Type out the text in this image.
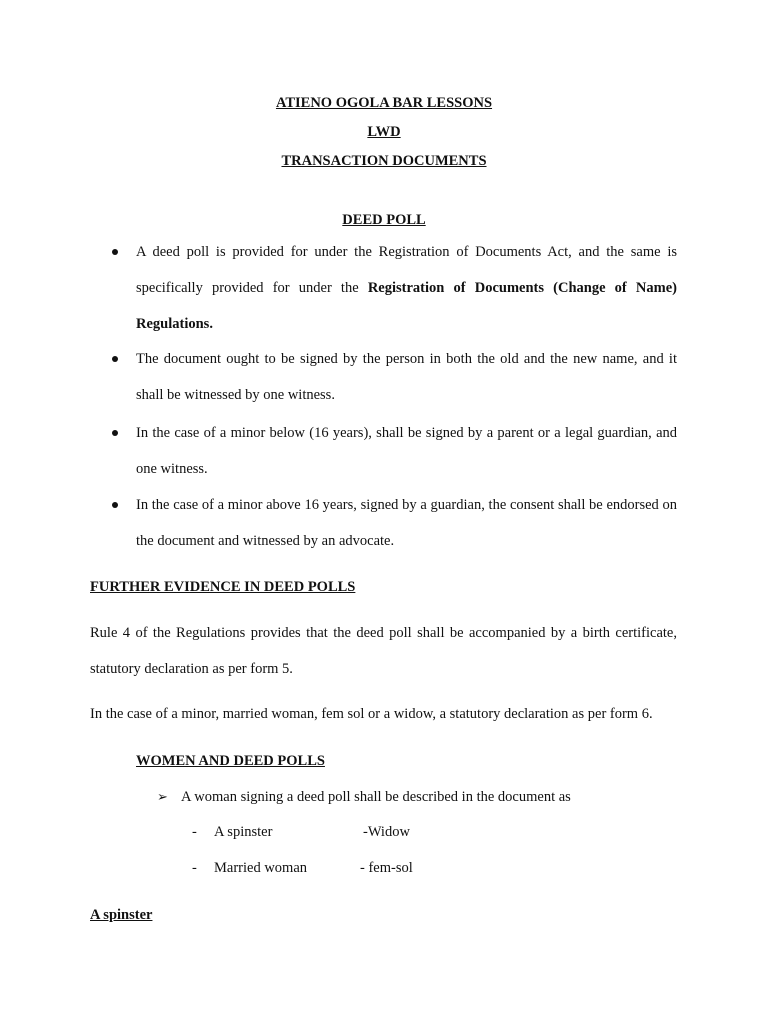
ATIENO OGOLA BAR LESSONS
LWD
TRANSACTION DOCUMENTS
DEED POLL
A deed poll is provided for under the Registration of Documents Act, and the same is specifically provided for under the Registration of Documents (Change of Name) Regulations.
The document ought to be signed by the person in both the old and the new name, and it shall be witnessed by one witness.
In the case of a minor below (16 years), shall be signed by a parent or a legal guardian, and one witness.
In the case of a minor above 16 years, signed by a guardian, the consent shall be endorsed on the document and witnessed by an advocate.
FURTHER EVIDENCE IN DEED POLLS
Rule 4 of the Regulations provides that the deed poll shall be accompanied by a birth certificate, statutory declaration as per form 5.
In the case of a minor, married woman, fem sol or a widow, a statutory declaration as per form 6.
WOMEN AND DEED POLLS
➢ A woman signing a deed poll shall be described in the document as
- A spinster	-Widow
- Married woman	- fem-sol
A spinster
